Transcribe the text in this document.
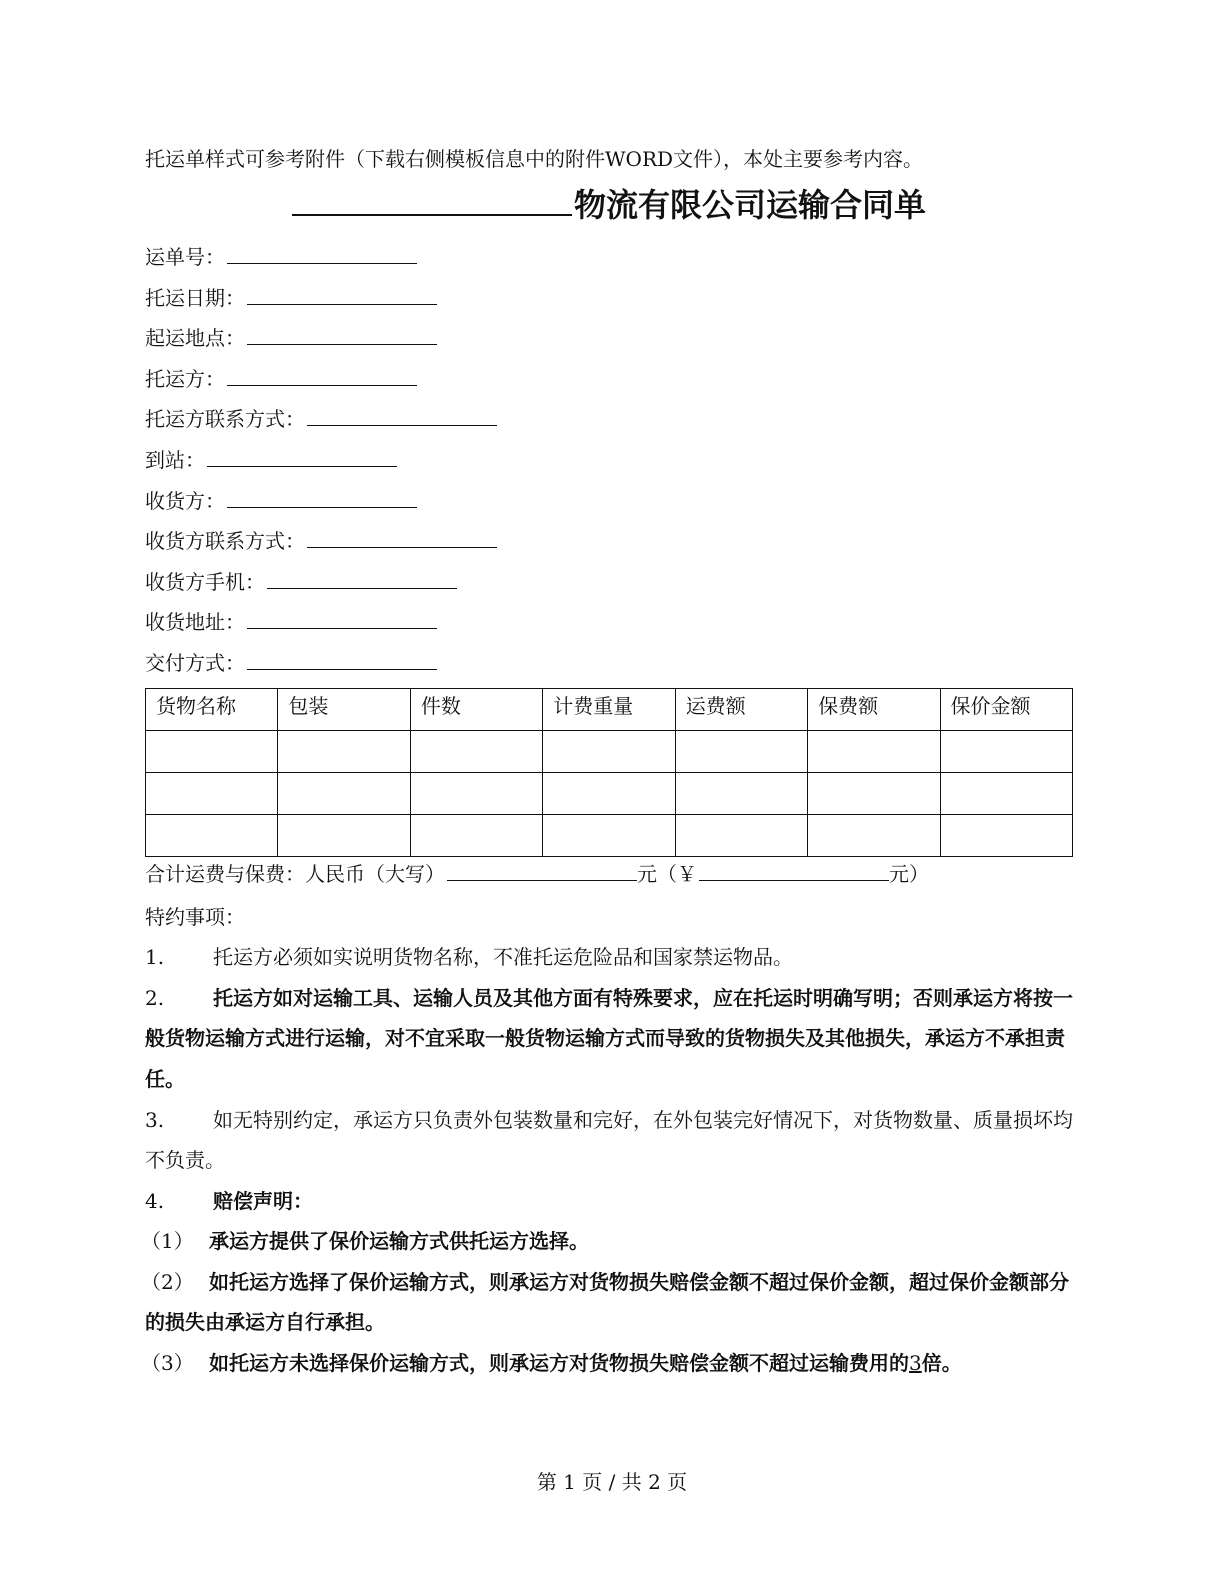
托运单样式可参考附件（下载右侧模板信息中的附件WORD文件），本处主要参考内容。

物流有限公司运输合同单
运单号：
托运日期：
起运地点：
托运方：
托运方联系方式：
到站：
收货方：
收货方联系方式：
收货方手机：
收货地址：
交付方式：
货物名称	包装	件数	计费重量	运费额	保费额	保价金额

合计运费与保费：人民币（大写）	元（￥	元）

特约事项：

1. 托运方必须如实说明货物名称，不准托运危险品和国家禁运物品。

2. 托运方如对运输工具、运输人员及其他方面有特殊要求，应在托运时明确写明；否则承运方将按一般货物运输方式进行运输，对不宜采取一般货物运输方式而导致的货物损失及其他损失，承运方不承担责任。

3. 如无特别约定，承运方只负责外包装数量和完好，在外包装完好情况下，对货物数量、质量损坏均不负责。

4. 赔偿声明：

（1） 承运方提供了保价运输方式供托运方选择。

（2） 如托运方选择了保价运输方式，则承运方对货物损失赔偿金额不超过保价金额，超过保价金额部分的损失由承运方自行承担。

（3） 如托运方未选择保价运输方式，则承运方对货物损失赔偿金额不超过运输费用的3倍。

第 1 页 / 共 2 页
